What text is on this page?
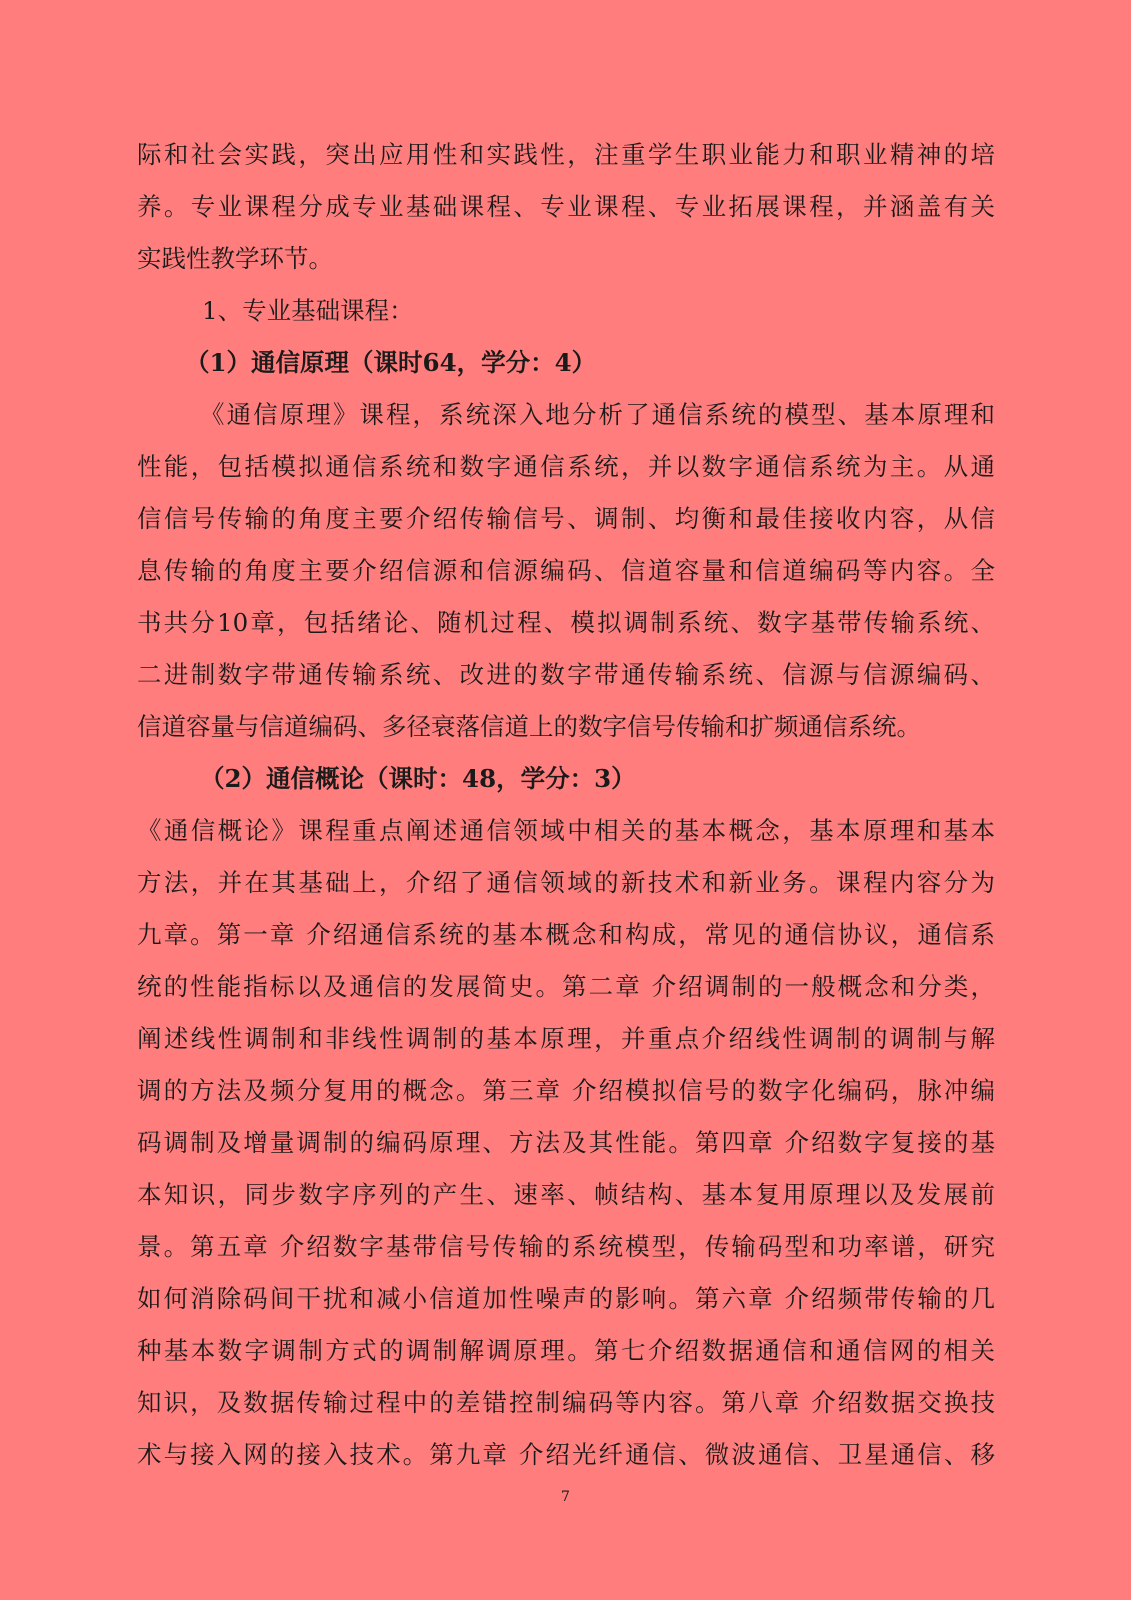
际和社会实践，突出应用性和实践性，注重学生职业能力和职业精神的培
养。专业课程分成专业基础课程、专业课程、专业拓展课程，并涵盖有关
实践性教学环节。
1、专业基础课程：
（1）通信原理（课时64，学分：4）
《通信原理》课程，系统深入地分析了通信系统的模型、基本原理和
性能，包括模拟通信系统和数字通信系统，并以数字通信系统为主。从通
信信号传输的角度主要介绍传输信号、调制、均衡和最佳接收内容，从信
息传输的角度主要介绍信源和信源编码、信道容量和信道编码等内容。全
书共分10章，包括绪论、随机过程、模拟调制系统、数字基带传输系统、
二进制数字带通传输系统、改进的数字带通传输系统、信源与信源编码、
信道容量与信道编码、多径衰落信道上的数字信号传输和扩频通信系统。
（2）通信概论（课时：48，学分：3）
《通信概论》课程重点阐述通信领域中相关的基本概念，基本原理和基本
方法，并在其基础上，介绍了通信领域的新技术和新业务。课程内容分为
九章。第一章 介绍通信系统的基本概念和构成，常见的通信协议，通信系
统的性能指标以及通信的发展简史。第二章 介绍调制的一般概念和分类，
阐述线性调制和非线性调制的基本原理，并重点介绍线性调制的调制与解
调的方法及频分复用的概念。第三章 介绍模拟信号的数字化编码，脉冲编
码调制及增量调制的编码原理、方法及其性能。第四章 介绍数字复接的基
本知识，同步数字序列的产生、速率、帧结构、基本复用原理以及发展前
景。第五章 介绍数字基带信号传输的系统模型，传输码型和功率谱，研究
如何消除码间干扰和减小信道加性噪声的影响。第六章 介绍频带传输的几
种基本数字调制方式的调制解调原理。第七介绍数据通信和通信网的相关
知识，及数据传输过程中的差错控制编码等内容。第八章 介绍数据交换技
术与接入网的接入技术。第九章 介绍光纤通信、微波通信、卫星通信、移
7
